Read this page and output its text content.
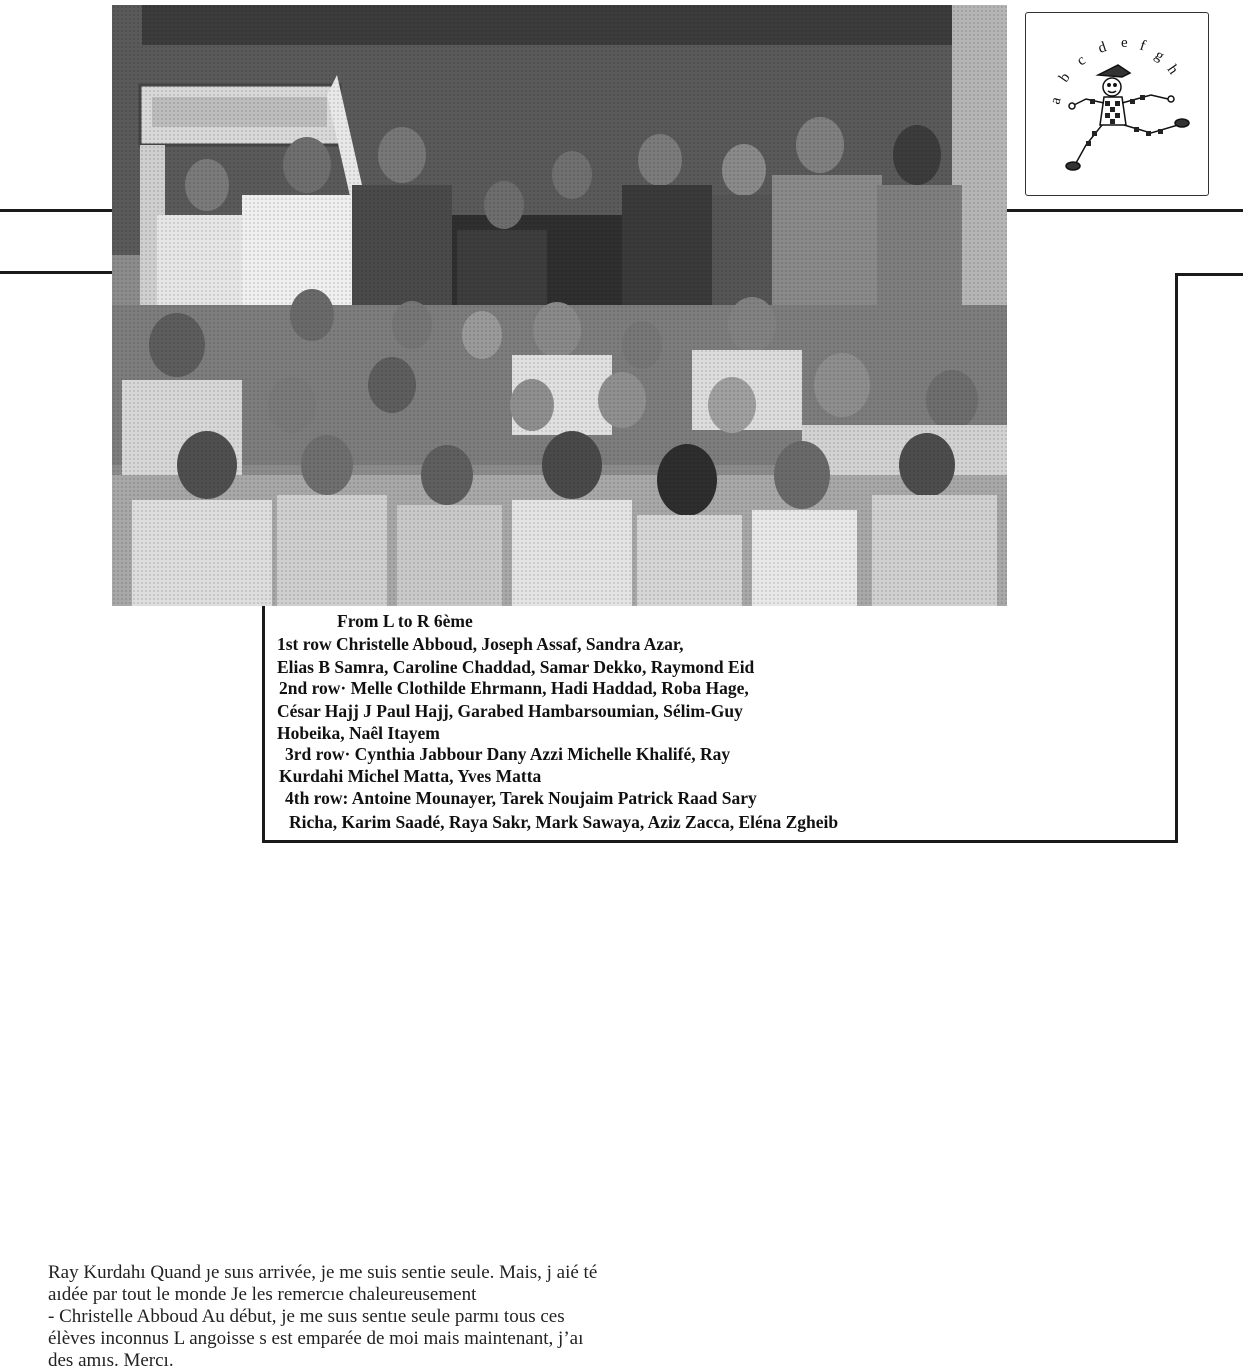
a
b
c
d e f
g
h
From L to R 6ème
1st row Christelle Abboud, Joseph Assaf, Sandra Azar,
Elias B Samra, Caroline Chaddad, Samar Dekko, Raymond Eid
2nd row· Melle Clothilde Ehrmann, Hadi Haddad, Roba Hage,
César Hajj J Paul Hajj, Garabed Hambarsoumian, Sélim-Guy
Hobeika, Naêl Itayem
3rd row· Cynthia Jabbour Dany Azzi Michelle Khalifé, Ray
Kurdahi Michel Matta, Yves Matta
4th row: Antoine Mounayer, Tarek Noujaim Patrick Raad Sary
Richa, Karim Saadé, Raya Sakr, Mark Sawaya, Aziz Zacca, Eléna Zgheib
Ray Kurdahı Quand ȷe suıs arrivée, je me suis sentie seule. Mais, j aié té
aıdée par tout le monde Je les remercıe chaleureusement
- Christelle Abboud Au début, je me suıs sentıe seule parmı tous ces
élèves inconnus L angoisse s est emparée de moi mais maintenant, j’aı
des amıs. Mercı.
